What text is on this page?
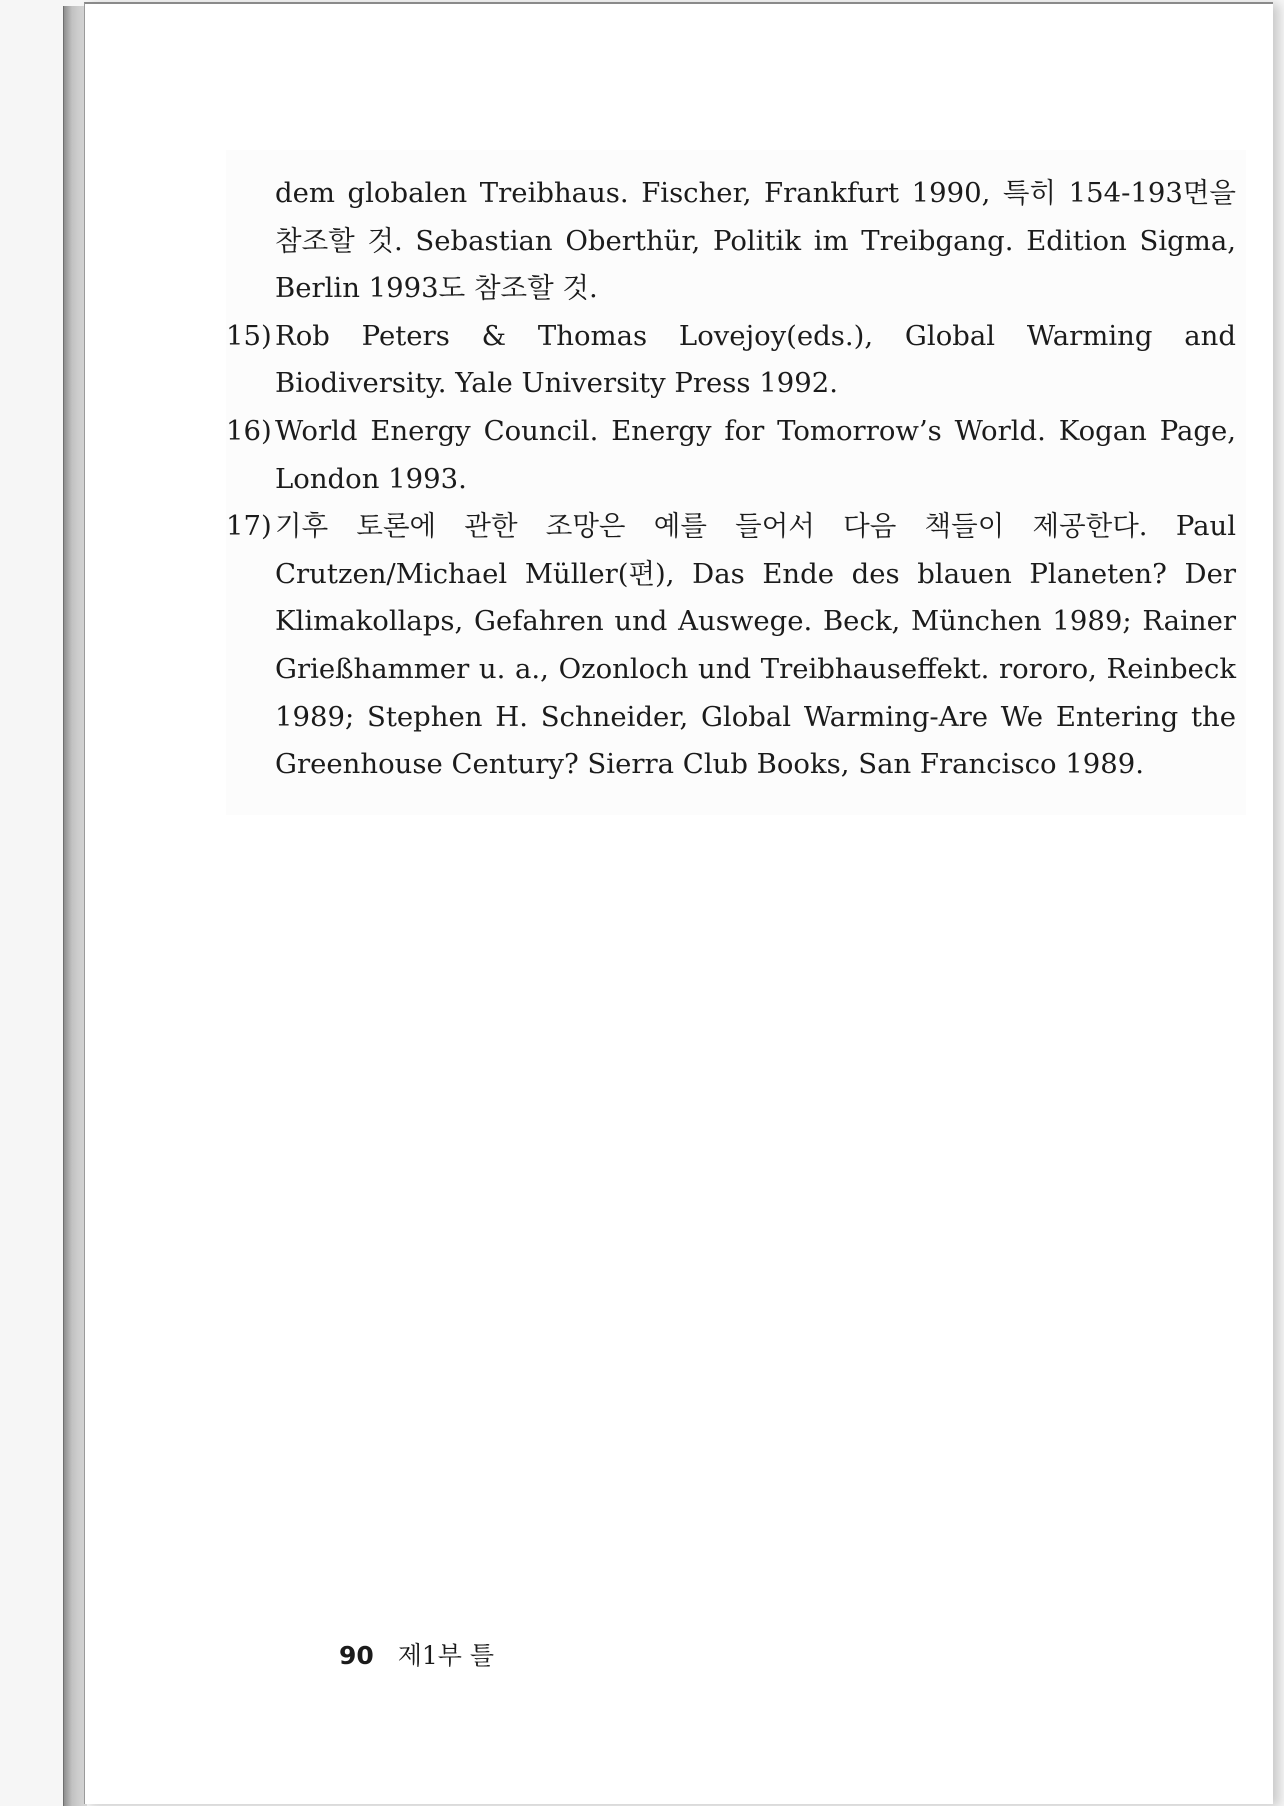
dem globalen Treibhaus. Fischer, Frankfurt 1990, 특히 154-193면을 참조할 것. Sebastian Oberthür, Politik im Treibgang. Edition Sigma, Berlin 1993도 참조할 것.
15) Rob Peters & Thomas Lovejoy(eds.), Global Warming and Biodiversity. Yale University Press 1992.
16) World Energy Council. Energy for Tomorrow’s World. Kogan Page, London 1993.
17) 기후 토론에 관한 조망은 예를 들어서 다음 책들이 제공한다. Paul Crutzen/Michael Müller(편), Das Ende des blauen Planeten? Der Klimakollaps, Gefahren und Auswege. Beck, München 1989; Rainer Grießhammer u. a., Ozonloch und Treibhauseffekt. rororo, Reinbeck 1989; Stephen H. Schneider, Global Warming-Are We Entering the Greenhouse Century? Sierra Club Books, San Francisco 1989.
90 제1부 틀
